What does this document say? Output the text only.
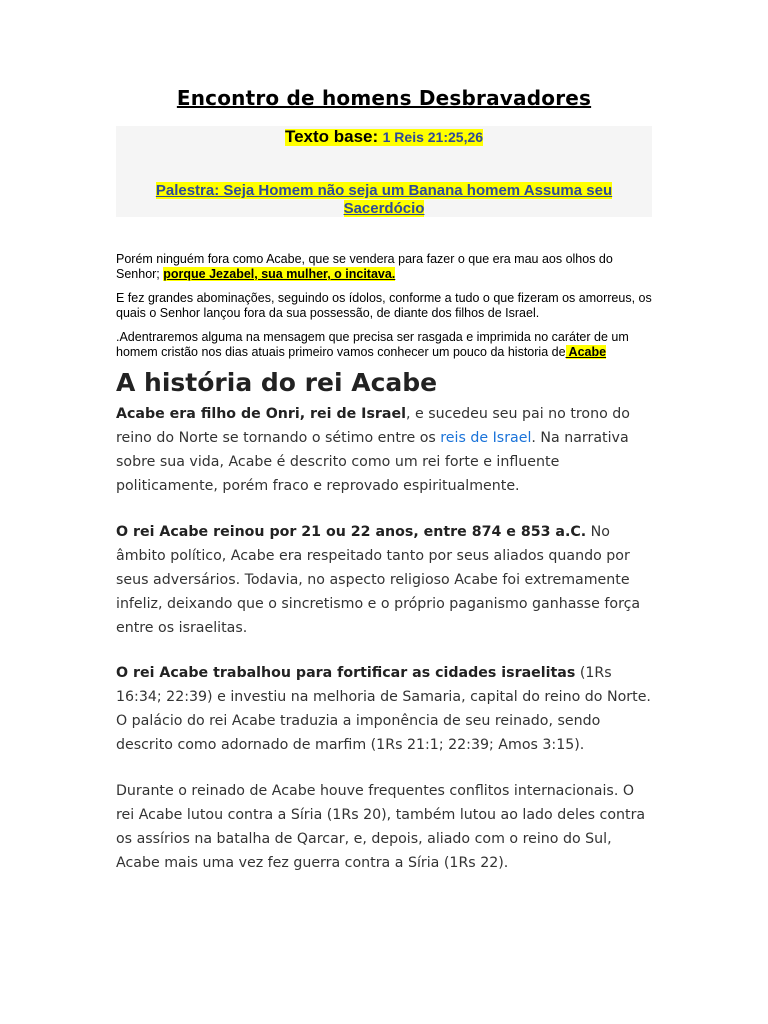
Encontro de homens Desbravadores

Texto base: 1 Reis 21:25,26

Palestra: Seja Homem não seja um Banana homem Assuma seu Sacerdócio

Porém ninguém fora como Acabe, que se vendera para fazer o que era mau aos olhos do Senhor; porque Jezabel, sua mulher, o incitava.

E fez grandes abominações, seguindo os ídolos, conforme a tudo o que fizeram os amorreus, os quais o Senhor lançou fora da sua possessão, de diante dos filhos de Israel.

.Adentraremos alguma na mensagem que precisa ser rasgada e imprimida no caráter de um homem cristão nos dias atuais primeiro vamos conhecer um pouco da historia de Acabe

A história do rei Acabe

Acabe era filho de Onri, rei de Israel, e sucedeu seu pai no trono do reino do Norte se tornando o sétimo entre os reis de Israel. Na narrativa sobre sua vida, Acabe é descrito como um rei forte e influente politicamente, porém fraco e reprovado espiritualmente.

O rei Acabe reinou por 21 ou 22 anos, entre 874 e 853 a.C. No âmbito político, Acabe era respeitado tanto por seus aliados quando por seus adversários. Todavia, no aspecto religioso Acabe foi extremamente infeliz, deixando que o sincretismo e o próprio paganismo ganhasse força entre os israelitas.

O rei Acabe trabalhou para fortificar as cidades israelitas (1Rs 16:34; 22:39) e investiu na melhoria de Samaria, capital do reino do Norte. O palácio do rei Acabe traduzia a imponência de seu reinado, sendo descrito como adornado de marfim (1Rs 21:1; 22:39; Amos 3:15).

Durante o reinado de Acabe houve frequentes conflitos internacionais. O rei Acabe lutou contra a Síria (1Rs 20), também lutou ao lado deles contra os assírios na batalha de Qarcar, e, depois, aliado com o reino do Sul, Acabe mais uma vez fez guerra contra a Síria (1Rs 22).
